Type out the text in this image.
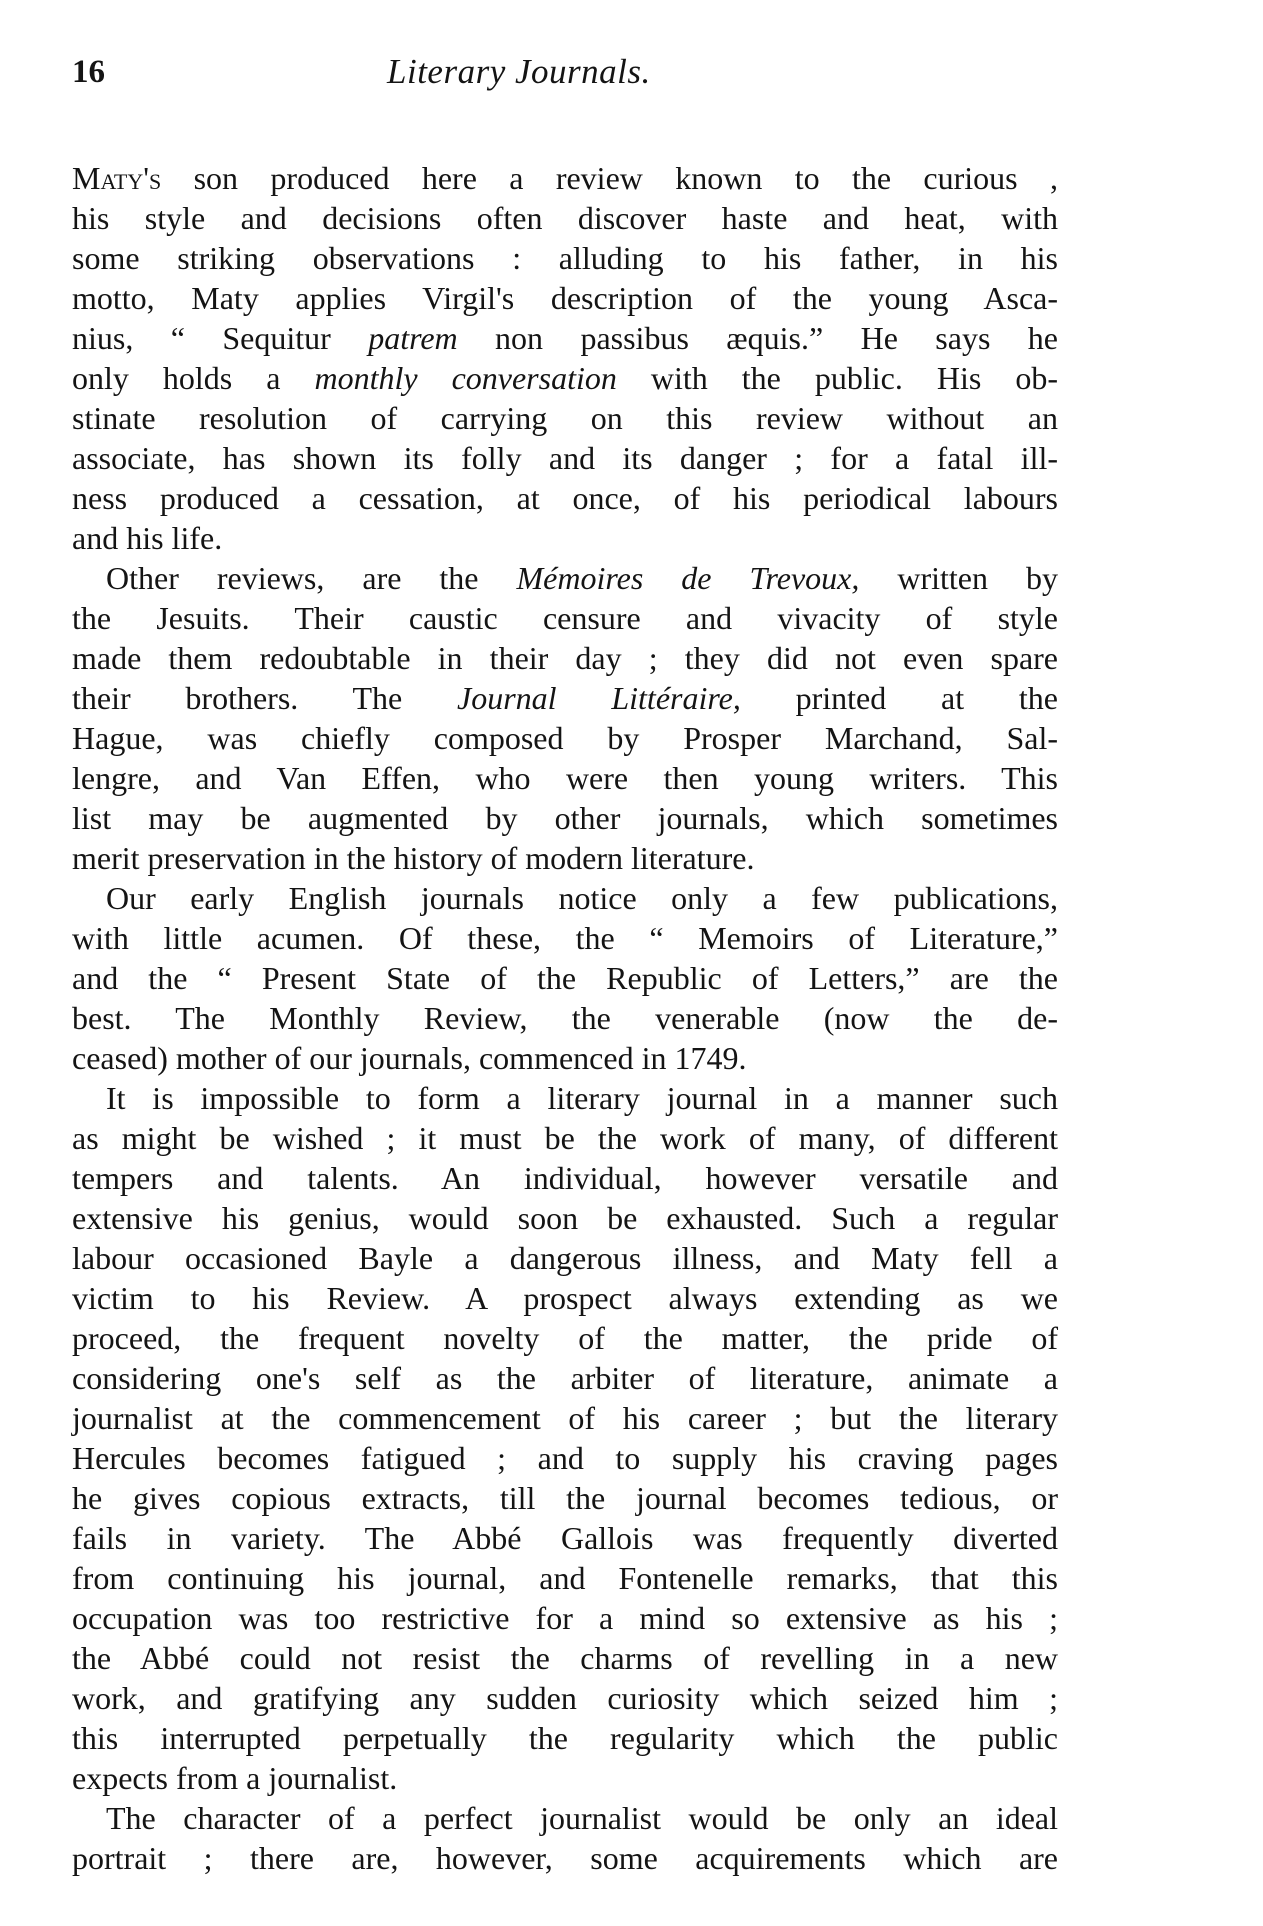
16	Literary Journals.
Maty's son produced here a review known to the curious ,
his style and decisions often discover haste and heat, with
some striking observations : alluding to his father, in his
motto, Maty applies Virgil's description of the young Asca-
nius, “ Sequitur patrem non passibus æquis.” He says he
only holds a monthly conversation with the public. His ob-
stinate resolution of carrying on this review without an
associate, has shown its folly and its danger ; for a fatal ill-
ness produced a cessation, at once, of his periodical labours
and his life.
Other reviews, are the Mémoires de Trevoux, written by
the Jesuits. Their caustic censure and vivacity of style
made them redoubtable in their day ; they did not even spare
their brothers. The Journal Littéraire, printed at the
Hague, was chiefly composed by Prosper Marchand, Sal-
lengre, and Van Effen, who were then young writers. This
list may be augmented by other journals, which sometimes
merit preservation in the history of modern literature.
Our early English journals notice only a few publications,
with little acumen. Of these, the “ Memoirs of Literature,”
and the “ Present State of the Republic of Letters,” are the
best. The Monthly Review, the venerable (now the de-
ceased) mother of our journals, commenced in 1749.
It is impossible to form a literary journal in a manner such
as might be wished ; it must be the work of many, of different
tempers and talents. An individual, however versatile and
extensive his genius, would soon be exhausted. Such a regular
labour occasioned Bayle a dangerous illness, and Maty fell a
victim to his Review. A prospect always extending as we
proceed, the frequent novelty of the matter, the pride of
considering one's self as the arbiter of literature, animate a
journalist at the commencement of his career ; but the literary
Hercules becomes fatigued ; and to supply his craving pages
he gives copious extracts, till the journal becomes tedious, or
fails in variety. The Abbé Gallois was frequently diverted
from continuing his journal, and Fontenelle remarks, that this
occupation was too restrictive for a mind so extensive as his ;
the Abbé could not resist the charms of revelling in a new
work, and gratifying any sudden curiosity which seized him ;
this interrupted perpetually the regularity which the public
expects from a journalist.
The character of a perfect journalist would be only an ideal
portrait ; there are, however, some acquirements which are
